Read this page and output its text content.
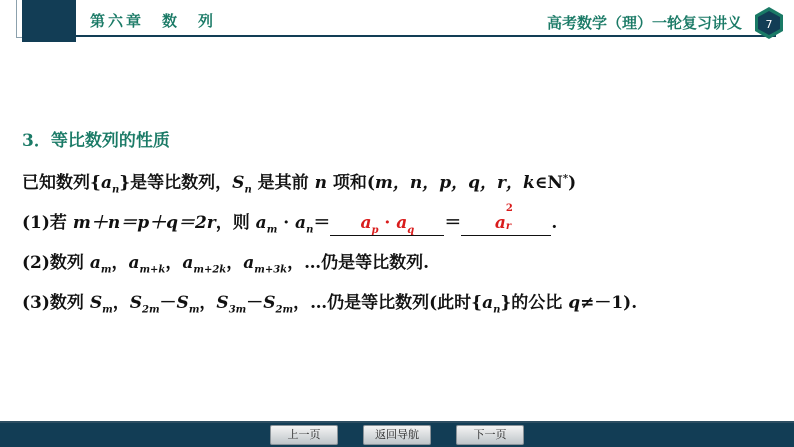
第六章　数　列	高考数学（理）一轮复习讲义 7
3．等比数列的性质
已知数列$\{a_n\}$是等比数列，$S_n$ 是其前 n 项和(m，n，p，q，r，k∈N*)
(1)若 m＋n＝p＋q＝2r，则 $a_m \cdot a_n= a_p \cdot a_q = a$
2
r .
(2)数列 $a_m$，$a_{m+k}$，$a_{m+2k}$，$a_{m+3k}$，…仍是等比数列.
(3)数列 $S_m$，$S_{2m}-S_m$，$S_{3m}-S_{2m}$，…仍是等比数列(此时$\{a_n\}$的公比 q≠－1).
上一页	返回导航	下一页
